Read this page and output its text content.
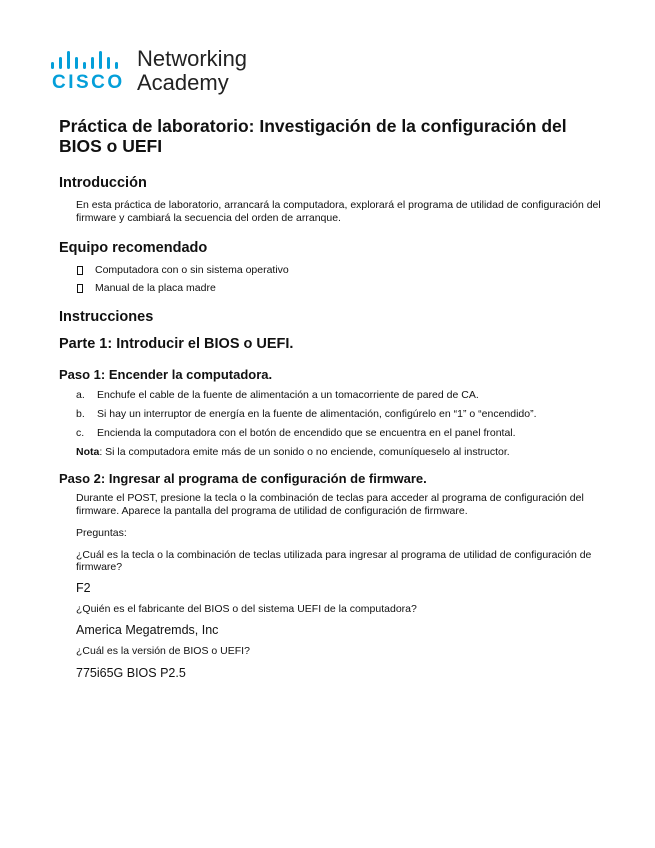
CISCO
Networking
Academy
Práctica de laboratorio: Investigación de la configuración del BIOS o UEFI
Introducción

En esta práctica de laboratorio, arrancará la computadora, explorará el programa de utilidad de configuración del firmware y cambiará la secuencia del orden de arranque.

Equipo recomendado
Computadora con o sin sistema operativo
Manual de la placa madre
Instrucciones
Parte 1: Introducir el BIOS o UEFI.
Paso 1: Encender la computadora.
a. Enchufe el cable de la fuente de alimentación a un tomacorriente de pared de CA.
b. Si hay un interruptor de energía en la fuente de alimentación, configúrelo en “1” o “encendido”.
c. Encienda la computadora con el botón de encendido que se encuentra en el panel frontal.

Nota: Si la computadora emite más de un sonido o no enciende, comuníqueselo al instructor.

Paso 2: Ingresar al programa de configuración de firmware.

Durante el POST, presione la tecla o la combinación de teclas para acceder al programa de configuración del firmware. Aparece la pantalla del programa de utilidad de configuración de firmware.

Preguntas:

¿Cuál es la tecla o la combinación de teclas utilizada para ingresar al programa de utilidad de configuración de firmware?

F2

¿Quién es el fabricante del BIOS o del sistema UEFI de la computadora?

America Megatremds, Inc

¿Cuál es la versión de BIOS o UEFI?

775i65G BIOS P2.5
